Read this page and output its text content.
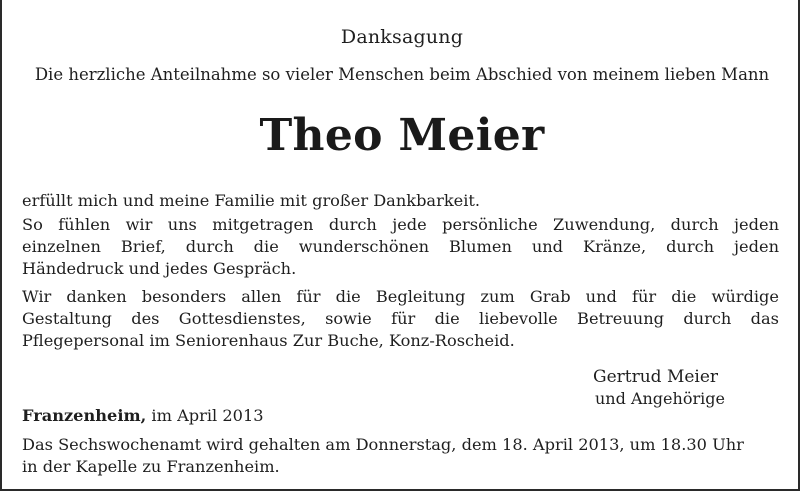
Danksagung
Die herzliche Anteilnahme so vieler Menschen beim Abschied von meinem lieben Mann
Theo Meier
erfüllt mich und meine Familie mit großer Dankbarkeit.
So fühlen wir uns mitgetragen durch jede persönliche Zuwendung, durch jeden
einzelnen Brief, durch die wunderschönen Blumen und Kränze, durch jeden
Händedruck und jedes Gespräch.
Wir danken besonders allen für die Begleitung zum Grab und für die würdige
Gestaltung des Gottesdienstes, sowie für die liebevolle Betreuung durch das
Pflegepersonal im Seniorenhaus Zur Buche, Konz-Roscheid.
Gertrud Meier
und Angehörige
Franzenheim, im April 2013
Das Sechswochenamt wird gehalten am Donnerstag, dem 18. April 2013, um 18.30 Uhr
in der Kapelle zu Franzenheim.
